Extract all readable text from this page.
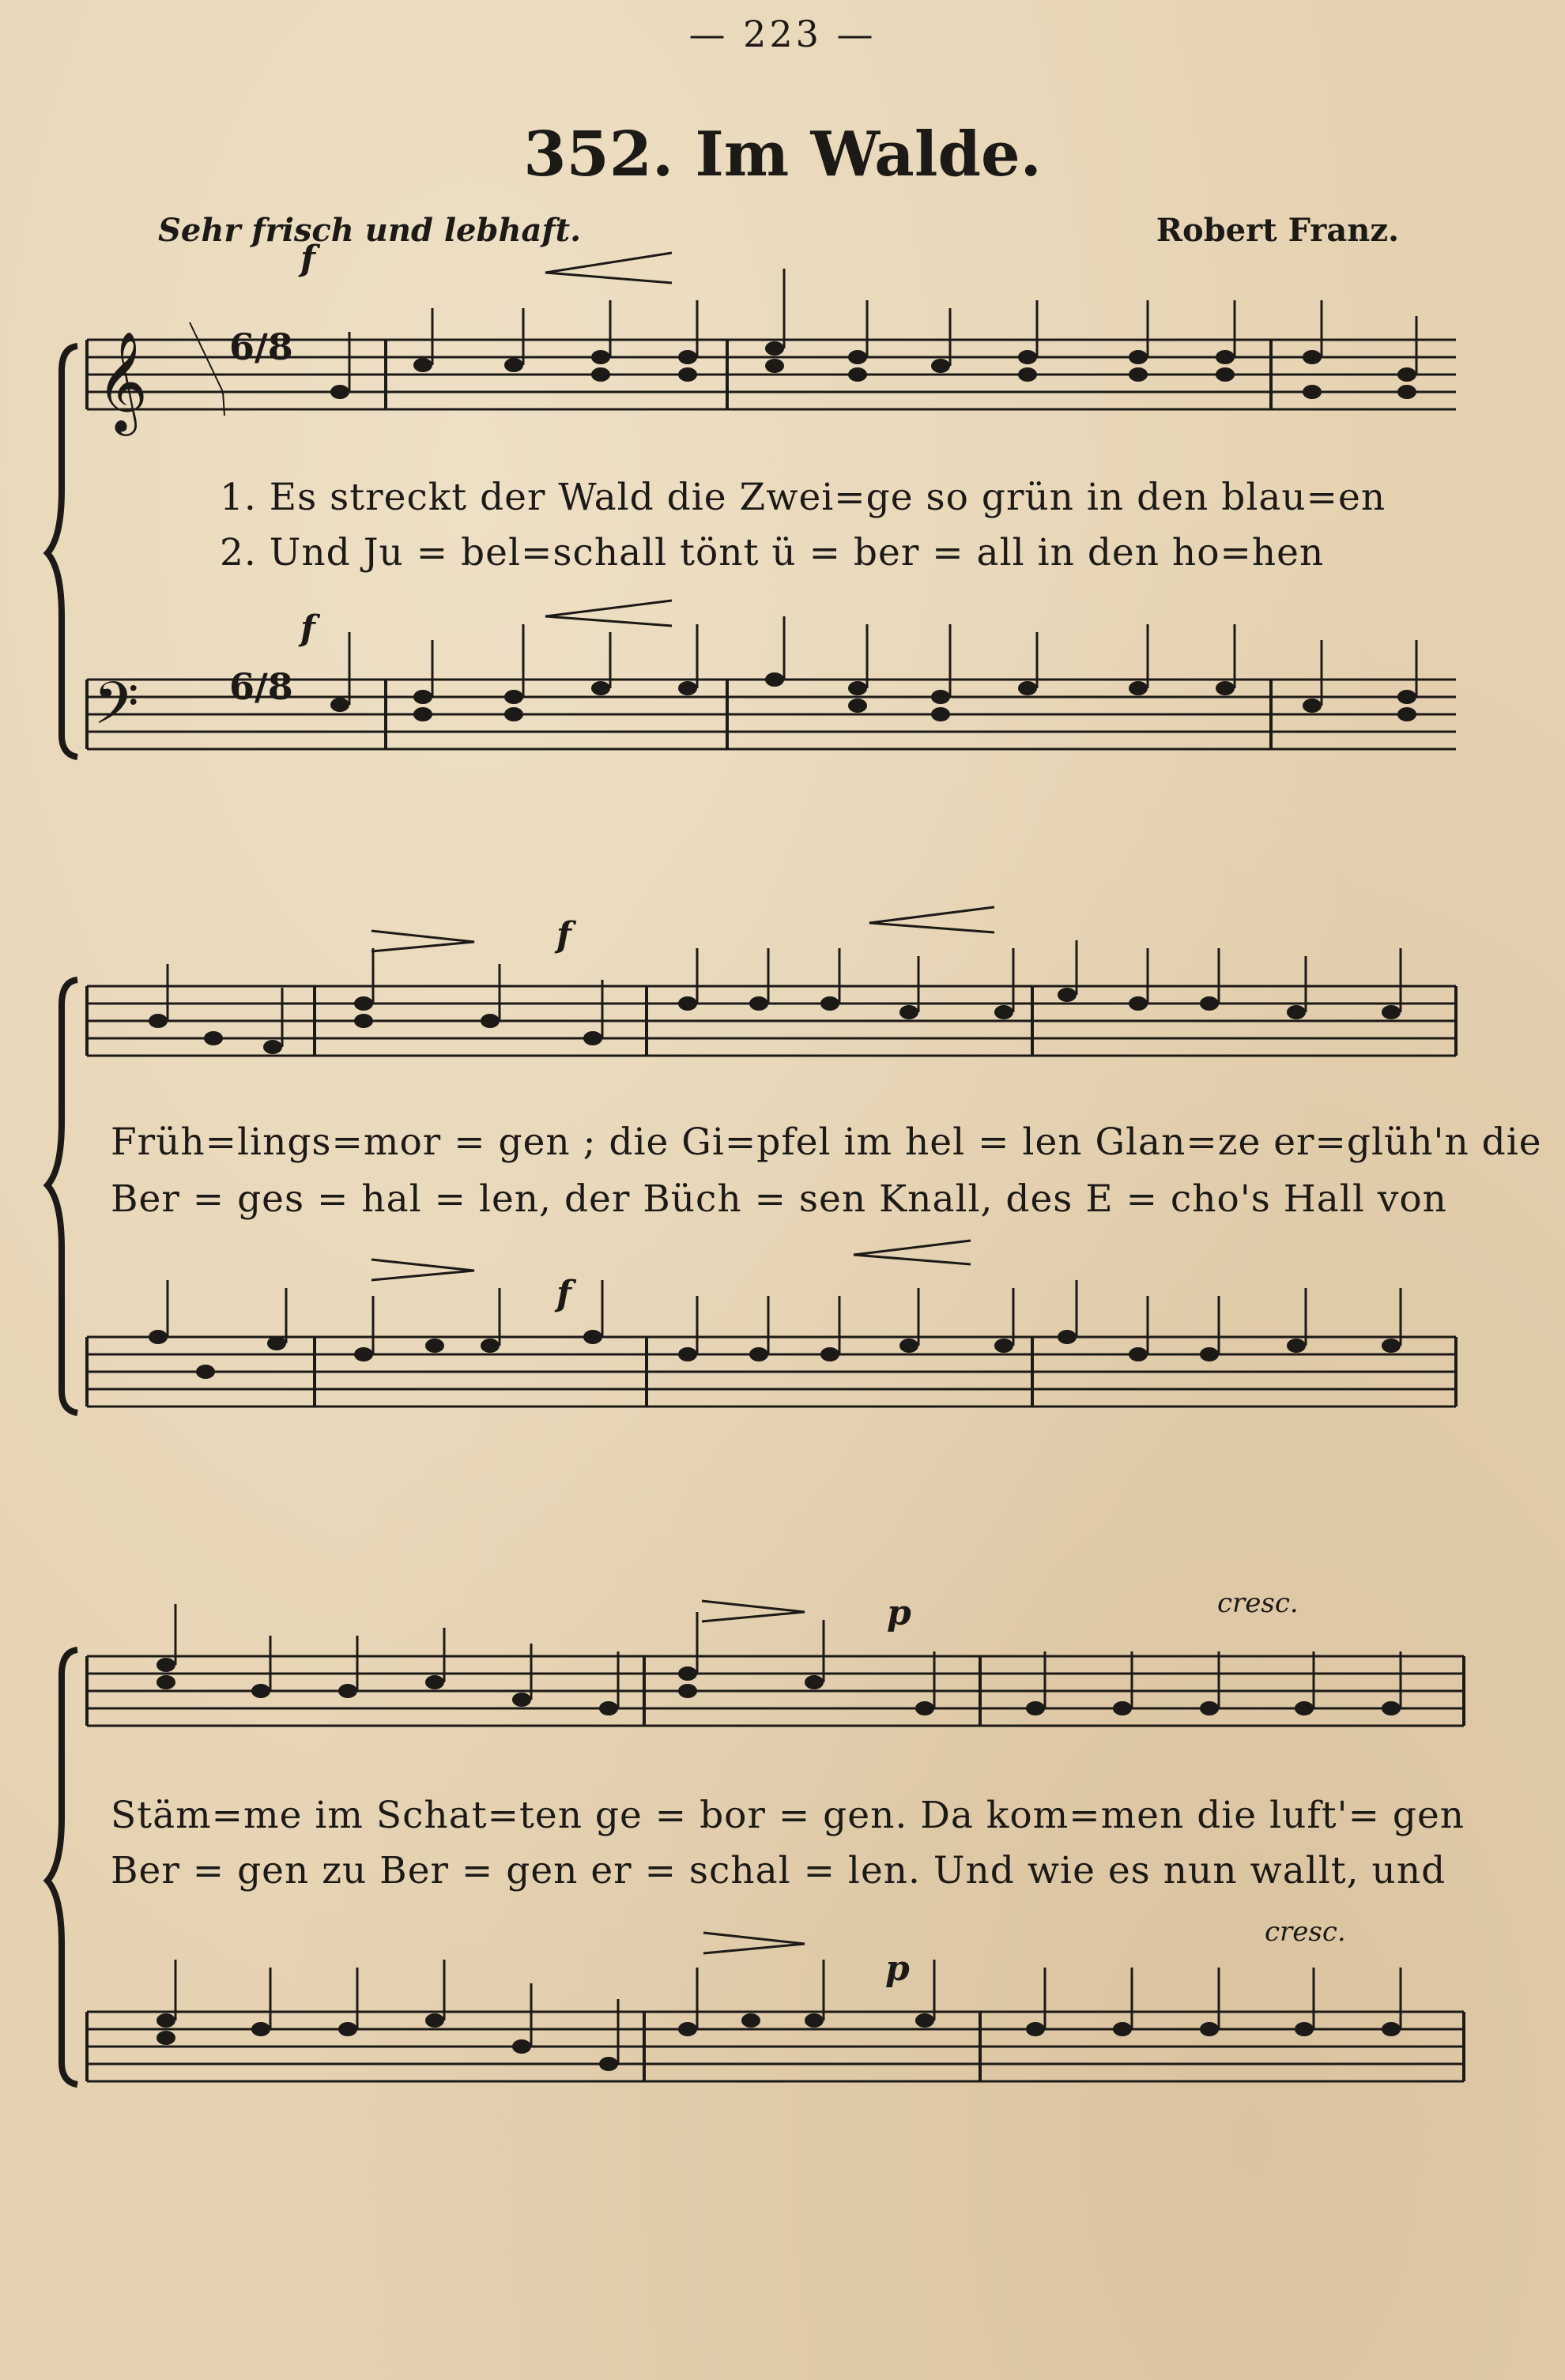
— 223 —
352. Im Walde.
Sehr frisch und lebhaft.	Robert Franz.
𝄞
𝄢
6/8
6/8
f
f
f
f
p
p
cresc.
cresc.
1. Es streckt der Wald die Zwei=ge so grün in den blau=en
2. Und Ju = bel=schall tönt ü = ber = all in den ho=hen
Früh=lings=mor = gen ; die Gi=pfel im hel = len Glan=ze er=glüh'n die
Ber = ges = hal = len, der Büch = sen Knall, des E = cho's Hall von
Stäm=me im Schat=ten ge = bor = gen. Da kom=men die luft'= gen
Ber = gen zu Ber = gen er = schal = len. Und wie es nun wallt, und
